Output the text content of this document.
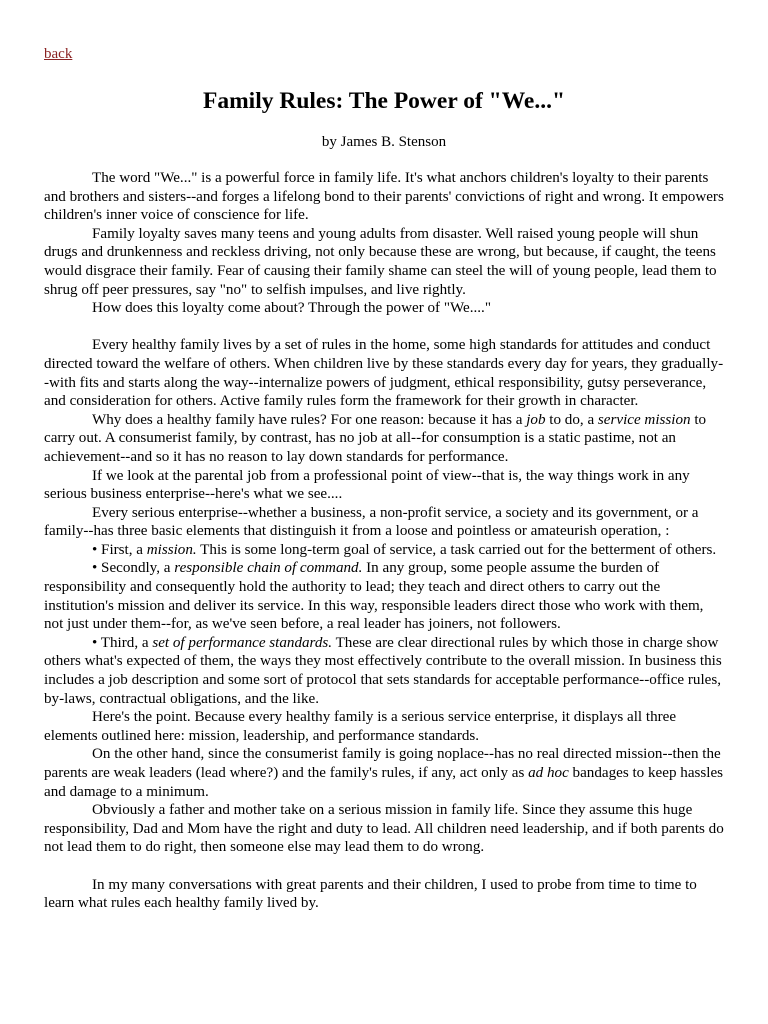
back
Family Rules: The Power of "We..."
by James B. Stenson

The word "We..." is a powerful force in family life. It's what anchors children's loyalty to their parents and brothers and sisters--and forges a lifelong bond to their parents' convictions of right and wrong. It empowers children's inner voice of conscience for life.

Family loyalty saves many teens and young adults from disaster. Well raised young people will shun drugs and drunkenness and reckless driving, not only because these are wrong, but because, if caught, the teens would disgrace their family. Fear of causing their family shame can steel the will of young people, lead them to shrug off peer pressures, say "no" to selfish impulses, and live rightly.

How does this loyalty come about? Through the power of "We...."

Every healthy family lives by a set of rules in the home, some high standards for attitudes and conduct directed toward the welfare of others. When children live by these standards every day for years, they gradually--with fits and starts along the way--internalize powers of judgment, ethical responsibility, gutsy perseverance, and consideration for others. Active family rules form the framework for their growth in character.

Why does a healthy family have rules? For one reason: because it has a job to do, a service mission to carry out. A consumerist family, by contrast, has no job at all--for consumption is a static pastime, not an achievement--and so it has no reason to lay down standards for performance.

If we look at the parental job from a professional point of view--that is, the way things work in any serious business enterprise--here's what we see....

Every serious enterprise--whether a business, a non-profit service, a society and its government, or a family--has three basic elements that distinguish it from a loose and pointless or amateurish operation, :

• First, a mission. This is some long-term goal of service, a task carried out for the betterment of others.

• Secondly, a responsible chain of command. In any group, some people assume the burden of responsibility and consequently hold the authority to lead; they teach and direct others to carry out the institution's mission and deliver its service. In this way, responsible leaders direct those who work with them, not just under them--for, as we've seen before, a real leader has joiners, not followers.

• Third, a set of performance standards. These are clear directional rules by which those in charge show others what's expected of them, the ways they most effectively contribute to the overall mission. In business this includes a job description and some sort of protocol that sets standards for acceptable performance--office rules, by-laws, contractual obligations, and the like.

Here's the point. Because every healthy family is a serious service enterprise, it displays all three elements outlined here: mission, leadership, and performance standards.

On the other hand, since the consumerist family is going noplace--has no real directed mission--then the parents are weak leaders (lead where?) and the family's rules, if any, act only as ad hoc bandages to keep hassles and damage to a minimum.

Obviously a father and mother take on a serious mission in family life. Since they assume this huge responsibility, Dad and Mom have the right and duty to lead. All children need leadership, and if both parents do not lead them to do right, then someone else may lead them to do wrong.

In my many conversations with great parents and their children, I used to probe from time to time to learn what rules each healthy family lived by.
